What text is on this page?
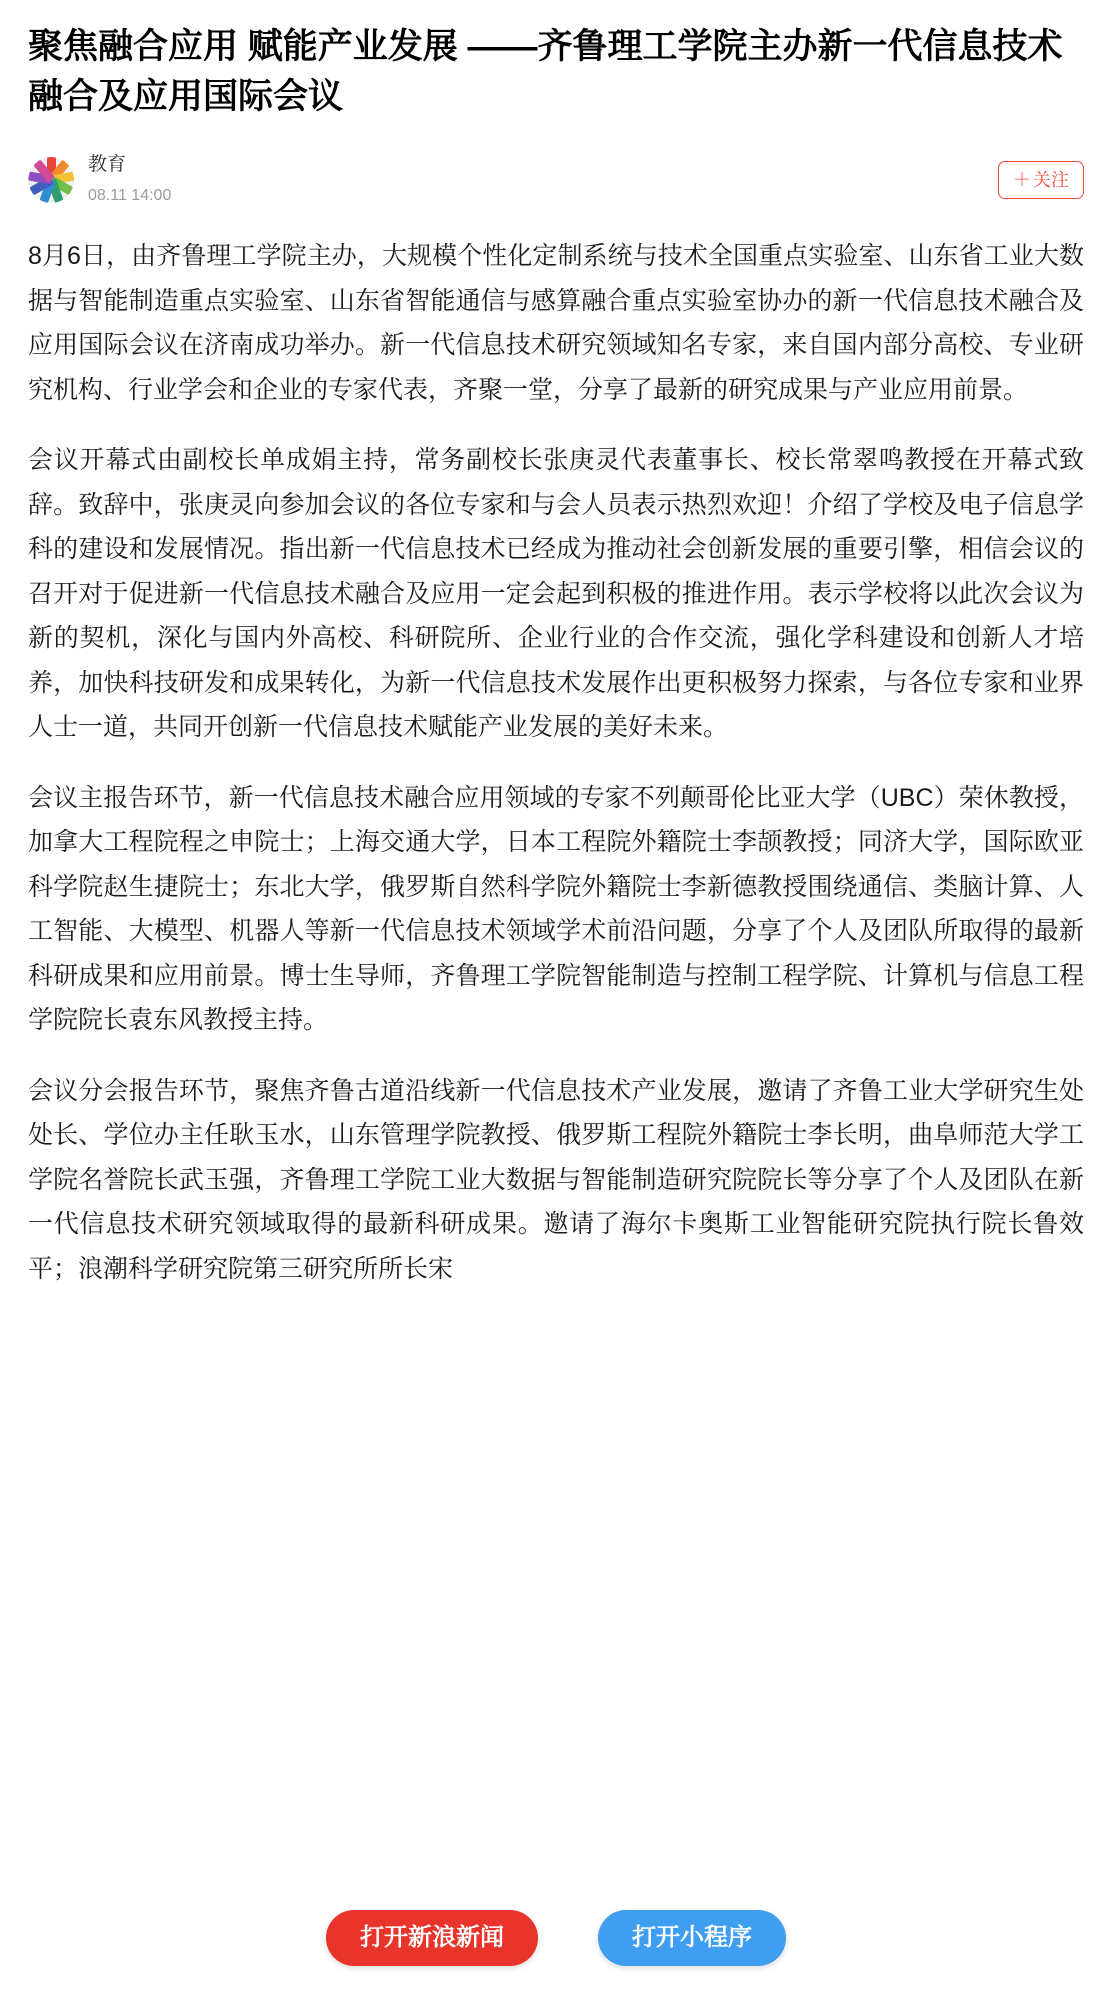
聚焦融合应用 赋能产业发展 ——齐鲁理工学院主办新一代信息技术融合及应用国际会议
教育
08.11 14:00
＋ 关注

8月6日，由齐鲁理工学院主办，大规模个性化定制系统与技术全国重点实验室、山东省工业大数据与智能制造重点实验室、山东省智能通信与感算融合重点实验室协办的新一代信息技术融合及应用国际会议在济南成功举办。新一代信息技术研究领域知名专家，来自国内部分高校、专业研究机构、行业学会和企业的专家代表，齐聚一堂，分享了最新的研究成果与产业应用前景。

会议开幕式由副校长单成娟主持，常务副校长张庚灵代表董事长、校长常翠鸣教授在开幕式致辞。致辞中，张庚灵向参加会议的各位专家和与会人员表示热烈欢迎！介绍了学校及电子信息学科的建设和发展情况。指出新一代信息技术已经成为推动社会创新发展的重要引擎，相信会议的召开对于促进新一代信息技术融合及应用一定会起到积极的推进作用。表示学校将以此次会议为新的契机，深化与国内外高校、科研院所、企业行业的合作交流，强化学科建设和创新人才培养，加快科技研发和成果转化，为新一代信息技术发展作出更积极努力探索，与各位专家和业界人士一道，共同开创新一代信息技术赋能产业发展的美好未来。

会议主报告环节，新一代信息技术融合应用领域的专家不列颠哥伦比亚大学（UBC）荣休教授，加拿大工程院程之申院士；上海交通大学，日本工程院外籍院士李颉教授；同济大学，国际欧亚科学院赵生捷院士；东北大学，俄罗斯自然科学院外籍院士李新德教授围绕通信、类脑计算、人工智能、大模型、机器人等新一代信息技术领域学术前沿问题，分享了个人及团队所取得的最新科研成果和应用前景。博士生导师，齐鲁理工学院智能制造与控制工程学院、计算机与信息工程学院院长袁东风教授主持。

会议分会报告环节，聚焦齐鲁古道沿线新一代信息技术产业发展，邀请了齐鲁工业大学研究生处处长、学位办主任耿玉水，山东管理学院教授、俄罗斯工程院外籍院士李长明，曲阜师范大学工学院名誉院长武玉强，齐鲁理工学院工业大数据与智能制造研究院院长等分享了个人及团队在新一代信息技术研究领域取得的最新科研成果。邀请了海尔卡奥斯工业智能研究院执行院长鲁效平；浪潮科学研究院第三研究所所长宋

打开新浪新闻	打开小程序
